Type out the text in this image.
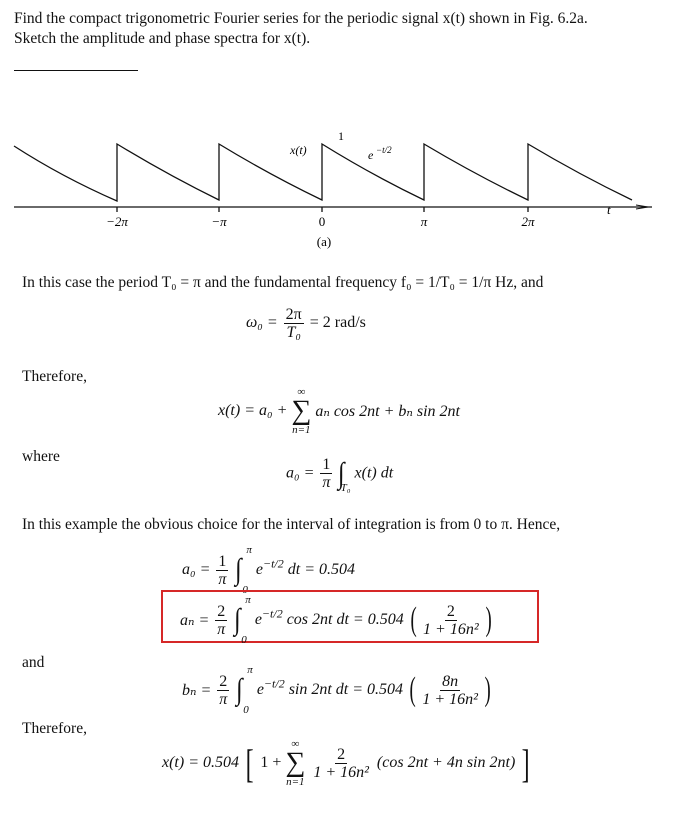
Find the compact trigonometric Fourier series for the periodic signal x(t) shown in Fig. 6.2a.
Sketch the amplitude and phase spectra for x(t).
−2π	−π	0	π	2π
t
x(t)
1
e −t/2
(a)
In this case the period T₀ = π and the fundamental frequency f₀ = 1/T₀ = 1/π Hz, and
$\omega_0 = \frac{2\pi}{\text{T₀}} = 2$ rad/s
Therefore,
x(t) = a₀ +
∞
∑
n=1
aₙ cos 2nt + bₙ sin 2nt
where
$a_0 = \frac{1}{\pi} \int_{T_0}$ x(t) dt
In this example the obvious choice for the interval of integration is from 0 to π. Hence,
$a_0 = \frac{1}{\pi}$

π
∫
0
$e^{-t/2}$ dt = 0.504
$a_n = \frac{2}{\pi}$

π
∫
0
$e^{-t/2}$ cos 2nt dt = 0.504 ( $\frac{2}{\text{1 + 16n²}}$ )
and
$b_n = \frac{2}{\pi}$

π
∫
0
$e^{-t/2}$ sin 2nt dt = 0.504 ( $\frac{8n}{\text{1 + 16n²}}$ )
Therefore,
x(t) = 0.504 [ 1 +
∞
∑
n=1

$\frac{2}{\text{1 + 16n²}} (\cos$ 2nt + 4n sin 2nt) ]
